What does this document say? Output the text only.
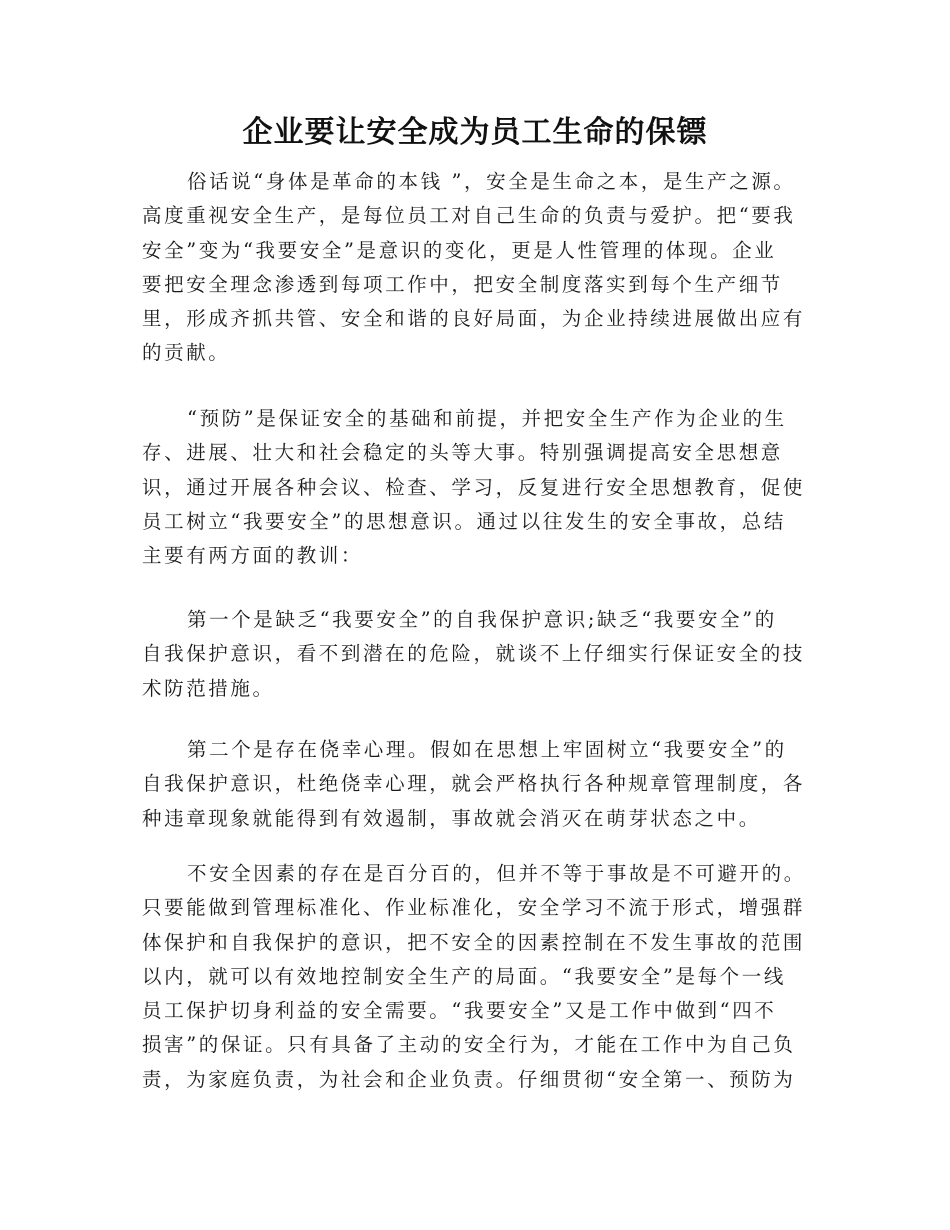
企业要让安全成为员工生命的保镖
俗话说“身体是革命的本钱 ”，安全是生命之本，是生产之源。
高度重视安全生产，是每位员工对自己生命的负责与爱护。把“要我
安全”变为“我要安全”是意识的变化，更是人性管理的体现。企业
要把安全理念渗透到每项工作中，把安全制度落实到每个生产细节
里，形成齐抓共管、安全和谐的良好局面，为企业持续进展做出应有
的贡献。
“预防”是保证安全的基础和前提，并把安全生产作为企业的生
存、进展、壮大和社会稳定的头等大事。特别强调提高安全思想意
识，通过开展各种会议、检查、学习，反复进行安全思想教育，促使
员工树立“我要安全”的思想意识。通过以往发生的安全事故，总结
主要有两方面的教训：
第一个是缺乏“我要安全”的自我保护意识;缺乏“我要安全”的
自我保护意识，看不到潜在的危险，就谈不上仔细实行保证安全的技
术防范措施。
第二个是存在侥幸心理。假如在思想上牢固树立“我要安全”的
自我保护意识，杜绝侥幸心理，就会严格执行各种规章管理制度，各
种违章现象就能得到有效遏制，事故就会消灭在萌芽状态之中。
不安全因素的存在是百分百的，但并不等于事故是不可避开的。
只要能做到管理标准化、作业标准化，安全学习不流于形式，增强群
体保护和自我保护的意识，把不安全的因素控制在不发生事故的范围
以内，就可以有效地控制安全生产的局面。“我要安全”是每个一线
员工保护切身利益的安全需要。“我要安全”又是工作中做到“四不
损害”的保证。只有具备了主动的安全行为，才能在工作中为自己负
责，为家庭负责，为社会和企业负责。仔细贯彻“安全第一、预防为
